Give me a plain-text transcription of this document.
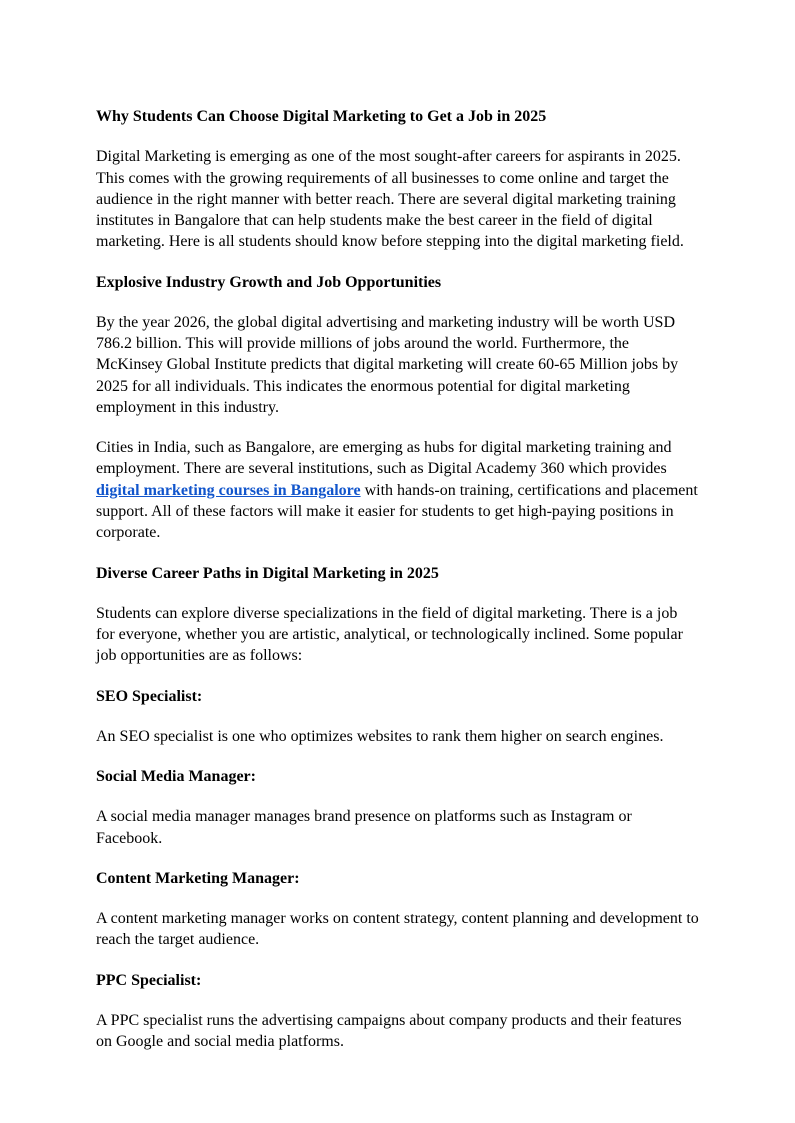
Why Students Can Choose Digital Marketing to Get a Job in 2025

Digital Marketing is emerging as one of the most sought-after careers for aspirants in 2025. This comes with the growing requirements of all businesses to come online and target the audience in the right manner with better reach. There are several digital marketing training institutes in Bangalore that can help students make the best career in the field of digital marketing. Here is all students should know before stepping into the digital marketing field.

Explosive Industry Growth and Job Opportunities

By the year 2026, the global digital advertising and marketing industry will be worth USD 786.2 billion. This will provide millions of jobs around the world. Furthermore, the McKinsey Global Institute predicts that digital marketing will create 60-65 Million jobs by 2025 for all individuals. This indicates the enormous potential for digital marketing employment in this industry.

Cities in India, such as Bangalore, are emerging as hubs for digital marketing training and employment. There are several institutions, such as Digital Academy 360 which provides digital marketing courses in Bangalore with hands-on training, certifications and placement support. All of these factors will make it easier for students to get high-paying positions in corporate.

Diverse Career Paths in Digital Marketing in 2025

Students can explore diverse specializations in the field of digital marketing. There is a job for everyone, whether you are artistic, analytical, or technologically inclined. Some popular job opportunities are as follows:

SEO Specialist:

An SEO specialist is one who optimizes websites to rank them higher on search engines.

Social Media Manager:

A social media manager manages brand presence on platforms such as Instagram or Facebook.

Content Marketing Manager:

A content marketing manager works on content strategy, content planning and development to reach the target audience.

PPC Specialist:

A PPC specialist runs the advertising campaigns about company products and their features on Google and social media platforms.
